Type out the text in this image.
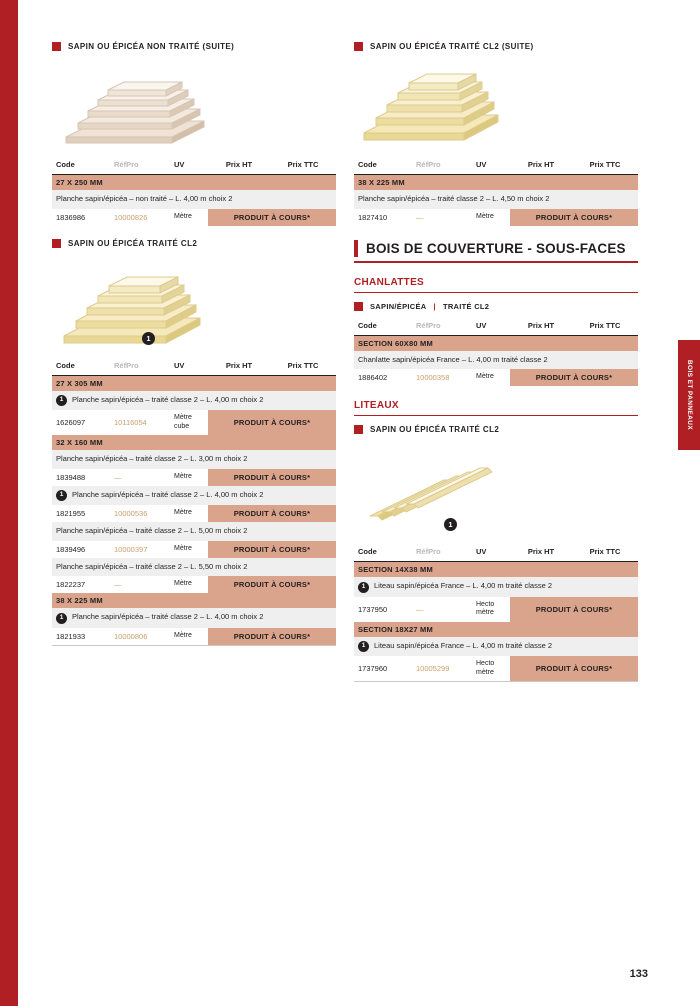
BOIS ET PANNEAUX
SAPIN OU ÉPICÉA NON TRAITÉ (SUITE)
Code	RéfPro	UV	Prix HT	Prix TTC
27 X 250 MM				

Planche sapin/épicéa – non traité – L. 4,00 m choix 2				

1836986	10000826	Mètre	PRODUIT À COURS*	
SAPIN OU ÉPICÉA TRAITÉ CL2
1
Code	RéfPro	UV	Prix HT	Prix TTC
27 X 305 MM				

1 Planche sapin/épicéa – traité classe 2 – L. 4,00 m choix 2				

1626097	10116054	Mètre cube	PRODUIT À COURS*	
32 X 160 MM				

Planche sapin/épicéa – traité classe 2 – L. 3,00 m choix 2				

1839488	—	Mètre	PRODUIT À COURS*	

1 Planche sapin/épicéa – traité classe 2 – L. 4,00 m choix 2				

1821955	10000536	Mètre	PRODUIT À COURS*	

Planche sapin/épicéa – traité classe 2 – L. 5,00 m choix 2				

1839496	10000397	Mètre	PRODUIT À COURS*	

Planche sapin/épicéa – traité classe 2 – L. 5,50 m choix 2				

1822237	—	Mètre	PRODUIT À COURS*	
38 X 225 MM				

1 Planche sapin/épicéa – traité classe 2 – L. 4,00 m choix 2				

1821933	10000806	Mètre	PRODUIT À COURS*	

SAPIN OU ÉPICÉA TRAITÉ CL2 (SUITE)
Code	RéfPro	UV	Prix HT	Prix TTC
38 X 225 MM				

Planche sapin/épicéa – traité classe 2 – L. 4,50 m choix 2				

1827410	—	Mètre	PRODUIT À COURS*	
BOIS DE COUVERTURE - SOUS-FACES
CHANLATTES
SAPIN/ÉPICÉA | TRAITÉ CL2
Code	RéfPro	UV	Prix HT	Prix TTC
SECTION 60X80 MM				

Chanlatte sapin/épicéa France – L. 4,00 m traité classe 2				

1886402	10000358	Mètre	PRODUIT À COURS*	
LITEAUX
SAPIN OU ÉPICÉA TRAITÉ CL2
1
Code	RéfPro	UV	Prix HT	Prix TTC
SECTION 14X38 MM				

1 Liteau sapin/épicéa France – L. 4,00 m traité classe 2				

1737950	—	Hecto mètre	PRODUIT À COURS*	
SECTION 18X27 MM				

1 Liteau sapin/épicéa France – L. 4,00 m traité classe 2				

1737960	10005299	Hecto mètre	PRODUIT À COURS*	

133
